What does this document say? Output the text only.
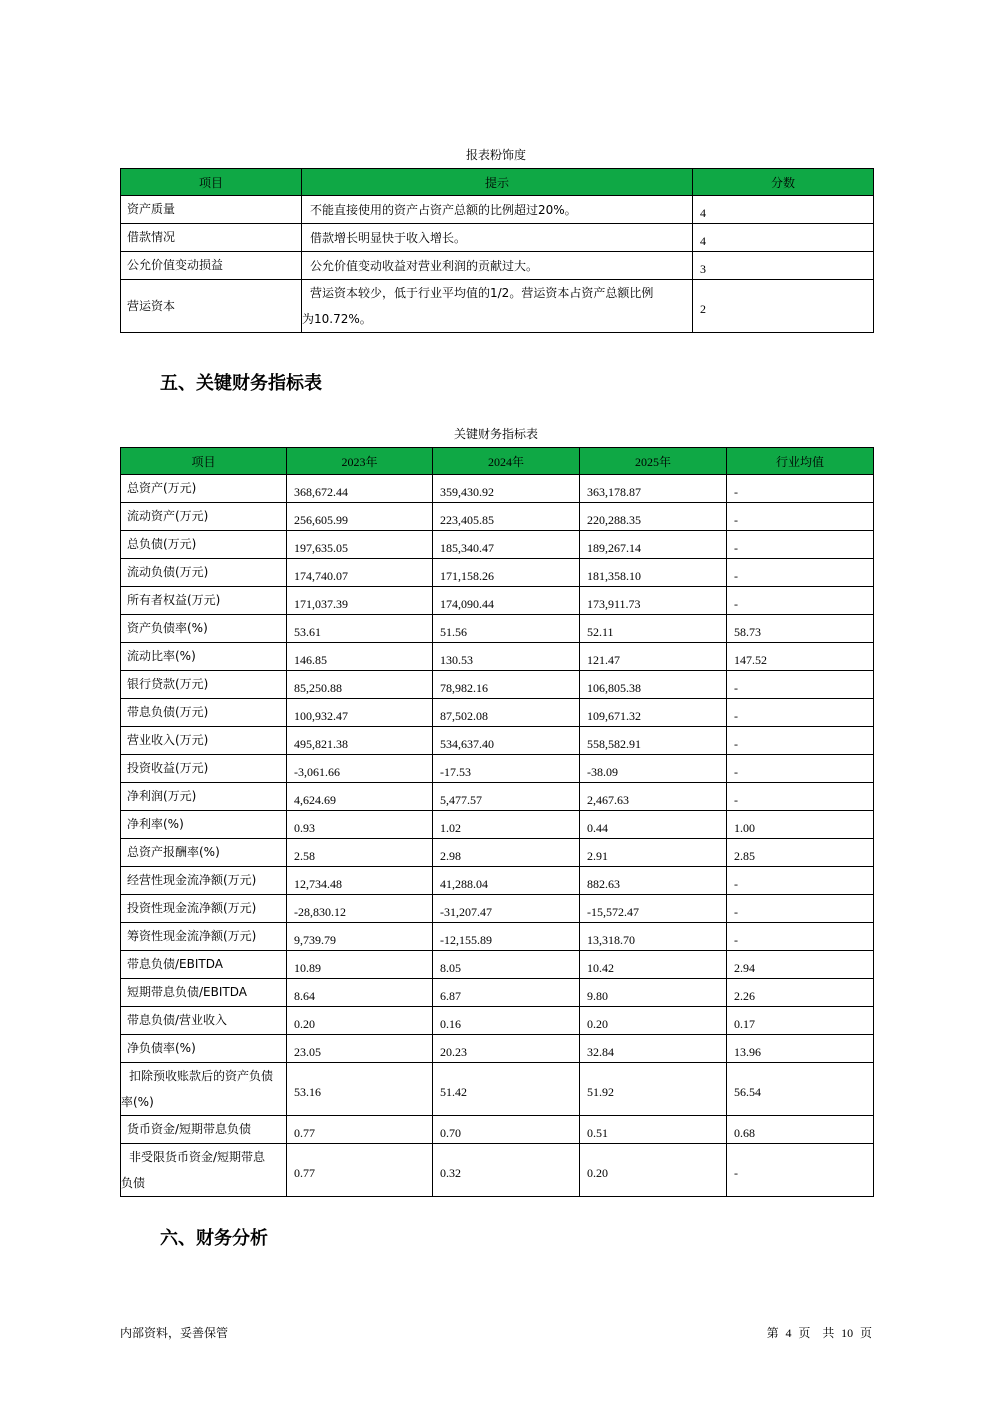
报表粉饰度
项目	提示	分数
资产质量	不能直接使用的资产占资产总额的比例超过20%。	4
借款情况	借款增长明显快于收入增长。	4
公允价值变动损益	公允价值变动收益对营业利润的贡献过大。	3
营运资本	营运资本较少，低于行业平均值的1/2。营运资本占资产总额比例
为10.72%。	2
五、关键财务指标表
关键财务指标表
项目	2023年	2024年	2025年	行业均值
总资产(万元)	368,672.44	359,430.92	363,178.87	-
流动资产(万元)	256,605.99	223,405.85	220,288.35	-
总负债(万元)	197,635.05	185,340.47	189,267.14	-
流动负债(万元)	174,740.07	171,158.26	181,358.10	-
所有者权益(万元)	171,037.39	174,090.44	173,911.73	-
资产负债率(%)	53.61	51.56	52.11	58.73
流动比率(%)	146.85	130.53	121.47	147.52
银行贷款(万元)	85,250.88	78,982.16	106,805.38	-
带息负债(万元)	100,932.47	87,502.08	109,671.32	-
营业收入(万元)	495,821.38	534,637.40	558,582.91	-
投资收益(万元)	-3,061.66	-17.53	-38.09	-
净利润(万元)	4,624.69	5,477.57	2,467.63	-
净利率(%)	0.93	1.02	0.44	1.00
总资产报酬率(%)	2.58	2.98	2.91	2.85
经营性现金流净额(万元)	12,734.48	41,288.04	882.63	-
投资性现金流净额(万元)	-28,830.12	-31,207.47	-15,572.47	-
筹资性现金流净额(万元)	9,739.79	-12,155.89	13,318.70	-
带息负债/EBITDA	10.89	8.05	10.42	2.94
短期带息负债/EBITDA	8.64	6.87	9.80	2.26
带息负债/营业收入	0.20	0.16	0.20	0.17
净负债率(%)	23.05	20.23	32.84	13.96

扣除预收账款后的资产负债
率(%)	53.16	51.42	51.92	56.54
货币资金/短期带息负债	0.77	0.70	0.51	0.68

非受限货币资金/短期带息
负债	0.77	0.32	0.20	-
六、财务分析
内部资料，妥善保管	第 4 页　共 10 页
